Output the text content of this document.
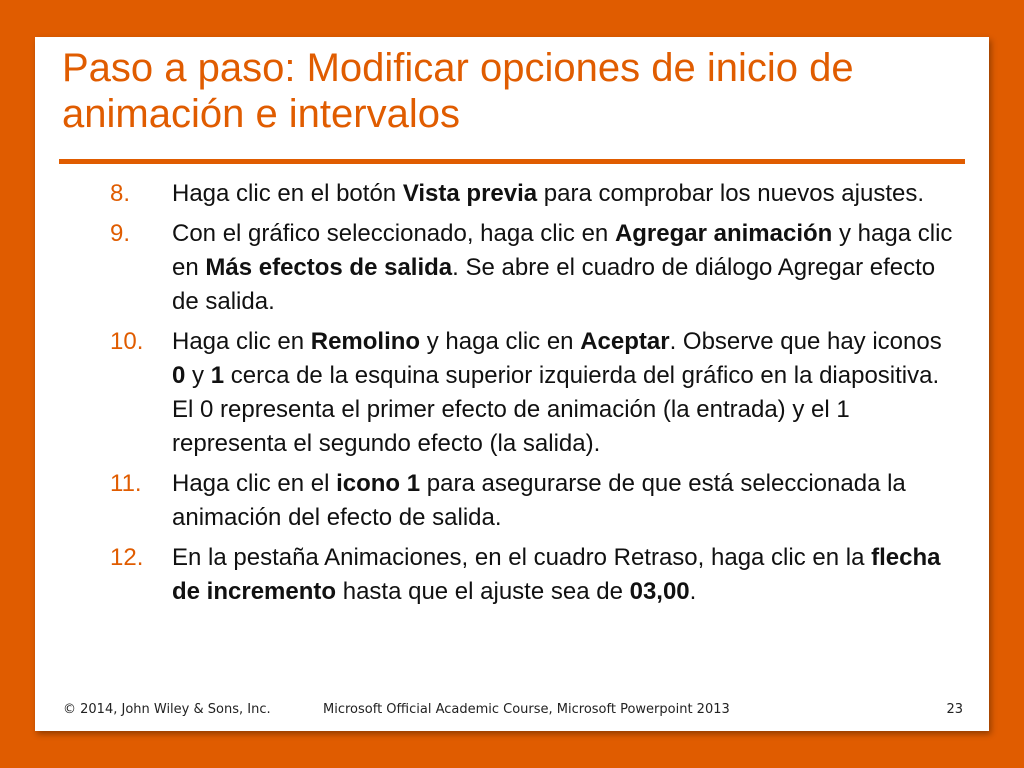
Paso a paso: Modificar opciones de inicio de animación e intervalos
8.	Haga clic en el botón Vista previa para comprobar los nuevos ajustes.
9.	Con el gráfico seleccionado, haga clic en Agregar animación y haga clic en Más efectos de salida. Se abre el cuadro de diálogo Agregar efecto de salida.
10.	Haga clic en Remolino y haga clic en Aceptar. Observe que hay iconos 0 y 1 cerca de la esquina superior izquierda del gráfico en la diapositiva. El 0 representa el primer efecto de animación (la entrada) y el 1 representa el segundo efecto (la salida).
11.	Haga clic en el icono 1 para asegurarse de que está seleccionada la animación del efecto de salida.
12.	En la pestaña Animaciones, en el cuadro Retraso, haga clic en la flecha de incremento hasta que el ajuste sea de 03,00.
© 2014, John Wiley & Sons, Inc.	Microsoft Official Academic Course, Microsoft Powerpoint 2013	23
